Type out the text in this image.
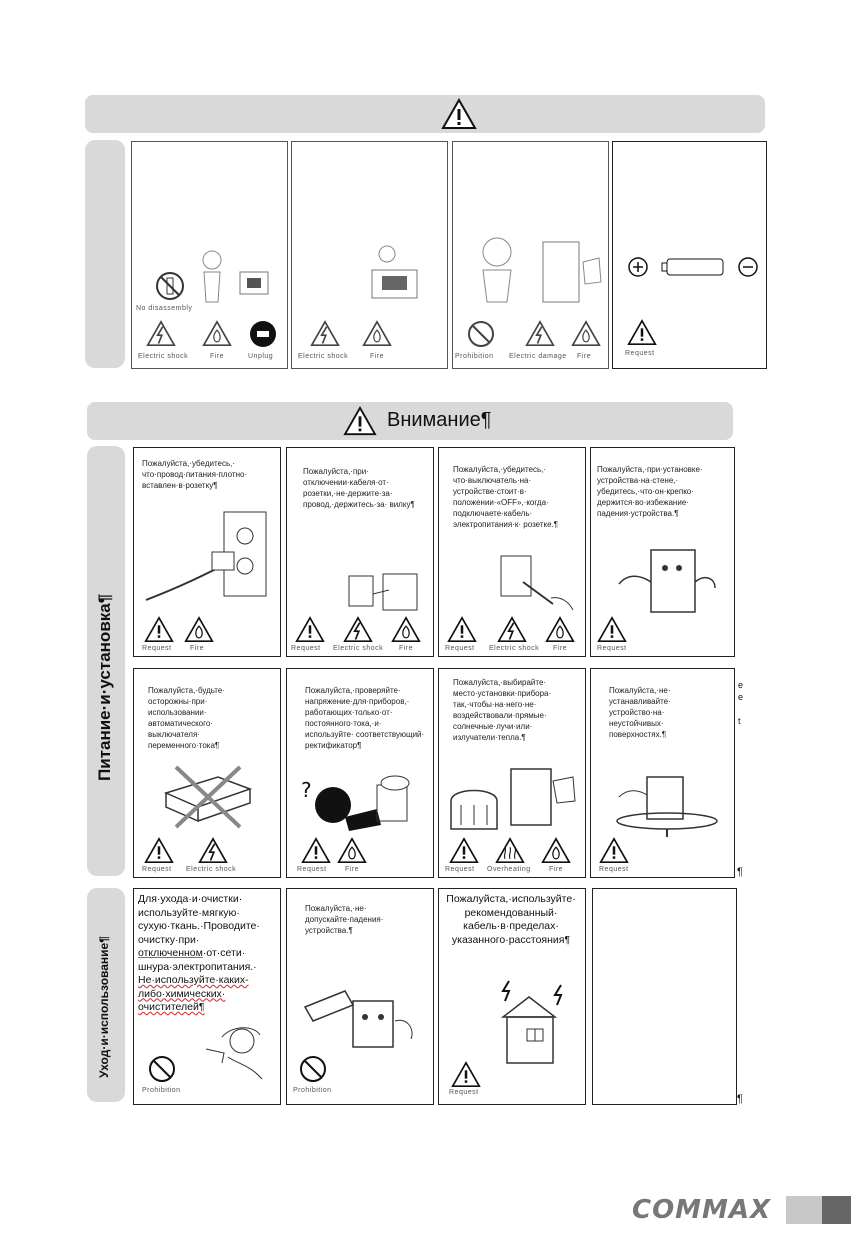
No disassembly
Electric shock	Fire	Unplug	Electric shock	Fire	Prohibition Electric damage Fire	Request
Внимание¶
Питание·и·установка¶
Пожалуйста,·убедитесь,· что·провод·питания·плотно· вставлен·в·розетку¶
Request	Fire
Пожалуйста,·при· отключении·кабеля·от· розетки,·не·держите·за· провод,·держитесь·за· вилку¶
Request Electric shock Fire
Пожалуйста,·убедитесь,· что·выключатель·на· устройстве·стоит·в· положении·«OFF»,·когда· подключаете·кабель· электропитания·к· розетке.¶
Request Electric shock Fire
Пожалуйста,·при·установке· устройства·на·стене,· убедитесь,·что·он·крепко· держится·во·избежание· падения·устройства.¶
Request
Пожалуйста,·будьте· осторожны·при· использовании· автоматического· выключателя· переменного·тока¶
Request Electric shock
Пожалуйста,·проверяйте· напряжение·для·приборов,· работающих·только·от· постоянного·тока,·и· используйте· соответствующий· ректификатор¶
?
Request	Fire
Пожалуйста,·выбирайте· место·установки·прибора· так,·чтобы·на·него·не· воздействовали·прямые· солнечные·лучи·или· излучатели·тепла.¶
Request Overheating	Fire
Пожалуйста,·не· устанавливайте· устройство·на· неустойчивых· поверхностях.¶
Request
е
е
t
¶
Уход·и·использование¶
Для·ухода·и·очистки·
используйте·мягкую·
сухую·ткань.·Проводите·
очистку·при·
отключенном·от·сети·
шнура·электропитания.·
Не·используйте·каких-
либо·химических·
очистителей¶
Prohibition
Пожалуйста,·не· допускайте·падения· устройства.¶
Prohibition
Пожалуйста,·используйте· рекомендованный· кабель·в·пределах· указанного·расстояния¶
Request
¶
COMMAX
